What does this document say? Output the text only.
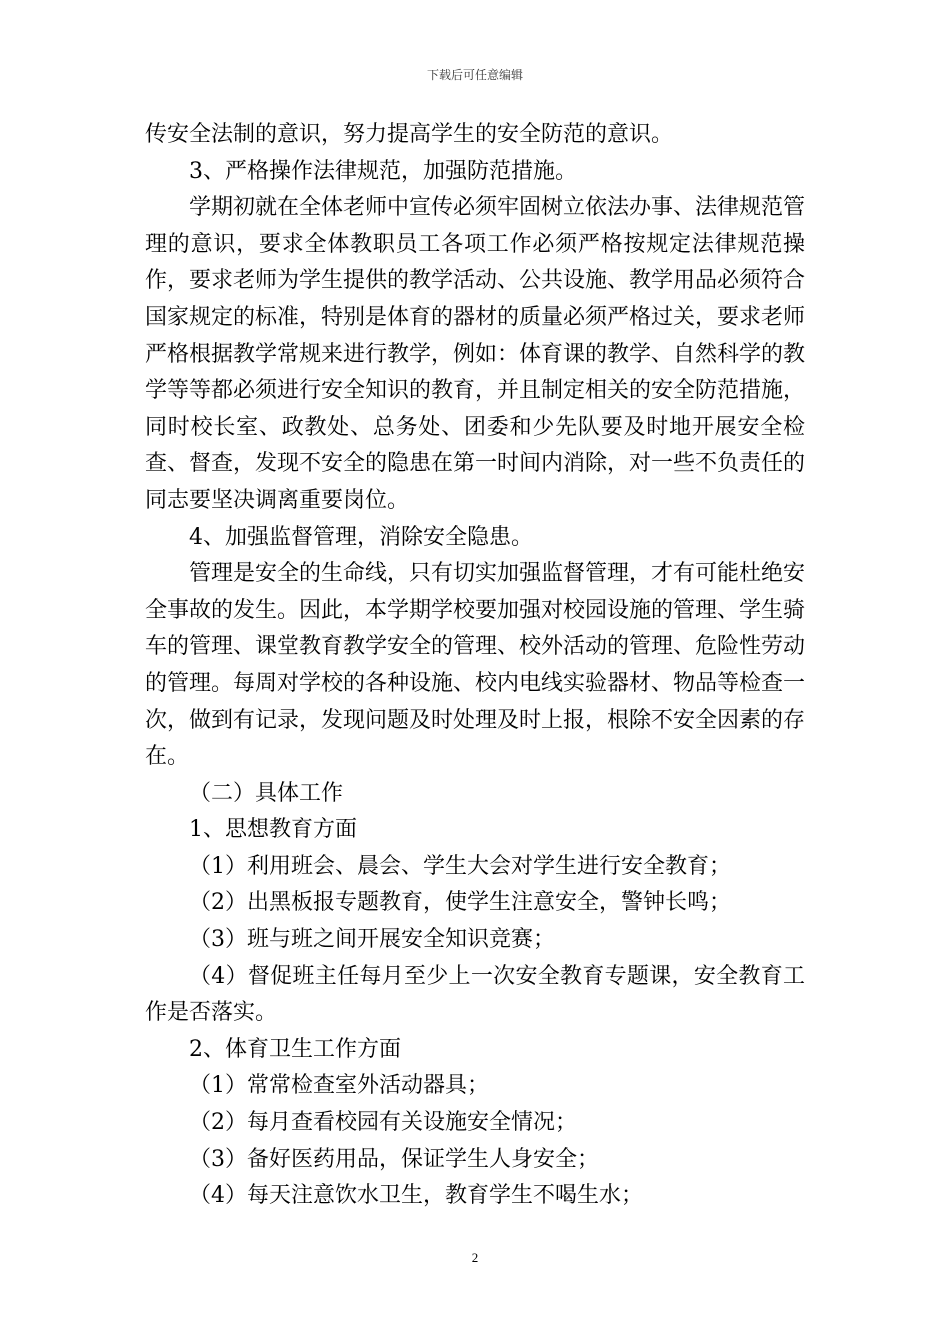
下载后可任意编辑

传安全法制的意识，努力提高学生的安全防范的意识。

3、严格操作法律规范，加强防范措施。

学期初就在全体老师中宣传必须牢固树立依法办事、法律规范管理的意识，要求全体教职员工各项工作必须严格按规定法律规范操作，要求老师为学生提供的教学活动、公共设施、教学用品必须符合国家规定的标准，特别是体育的器材的质量必须严格过关，要求老师严格根据教学常规来进行教学，例如：体育课的教学、自然科学的教学等等都必须进行安全知识的教育，并且制定相关的安全防范措施，同时校长室、政教处、总务处、团委和少先队要及时地开展安全检查、督查，发现不安全的隐患在第一时间内消除，对一些不负责任的同志要坚决调离重要岗位。

4、加强监督管理，消除安全隐患。

管理是安全的生命线，只有切实加强监督管理，才有可能杜绝安全事故的发生。因此，本学期学校要加强对校园设施的管理、学生骑车的管理、课堂教育教学安全的管理、校外活动的管理、危险性劳动的管理。每周对学校的各种设施、校内电线实验器材、物品等检查一次，做到有记录，发现问题及时处理及时上报，根除不安全因素的存在。

（二）具体工作

1、思想教育方面

（1）利用班会、晨会、学生大会对学生进行安全教育；

（2）出黑板报专题教育，使学生注意安全，警钟长鸣；

（3）班与班之间开展安全知识竞赛；

（4）督促班主任每月至少上一次安全教育专题课，安全教育工作是否落实。

2、体育卫生工作方面

（1）常常检查室外活动器具；

（2）每月查看校园有关设施安全情况；

（3）备好医药用品，保证学生人身安全；

（4）每天注意饮水卫生，教育学生不喝生水；

2
